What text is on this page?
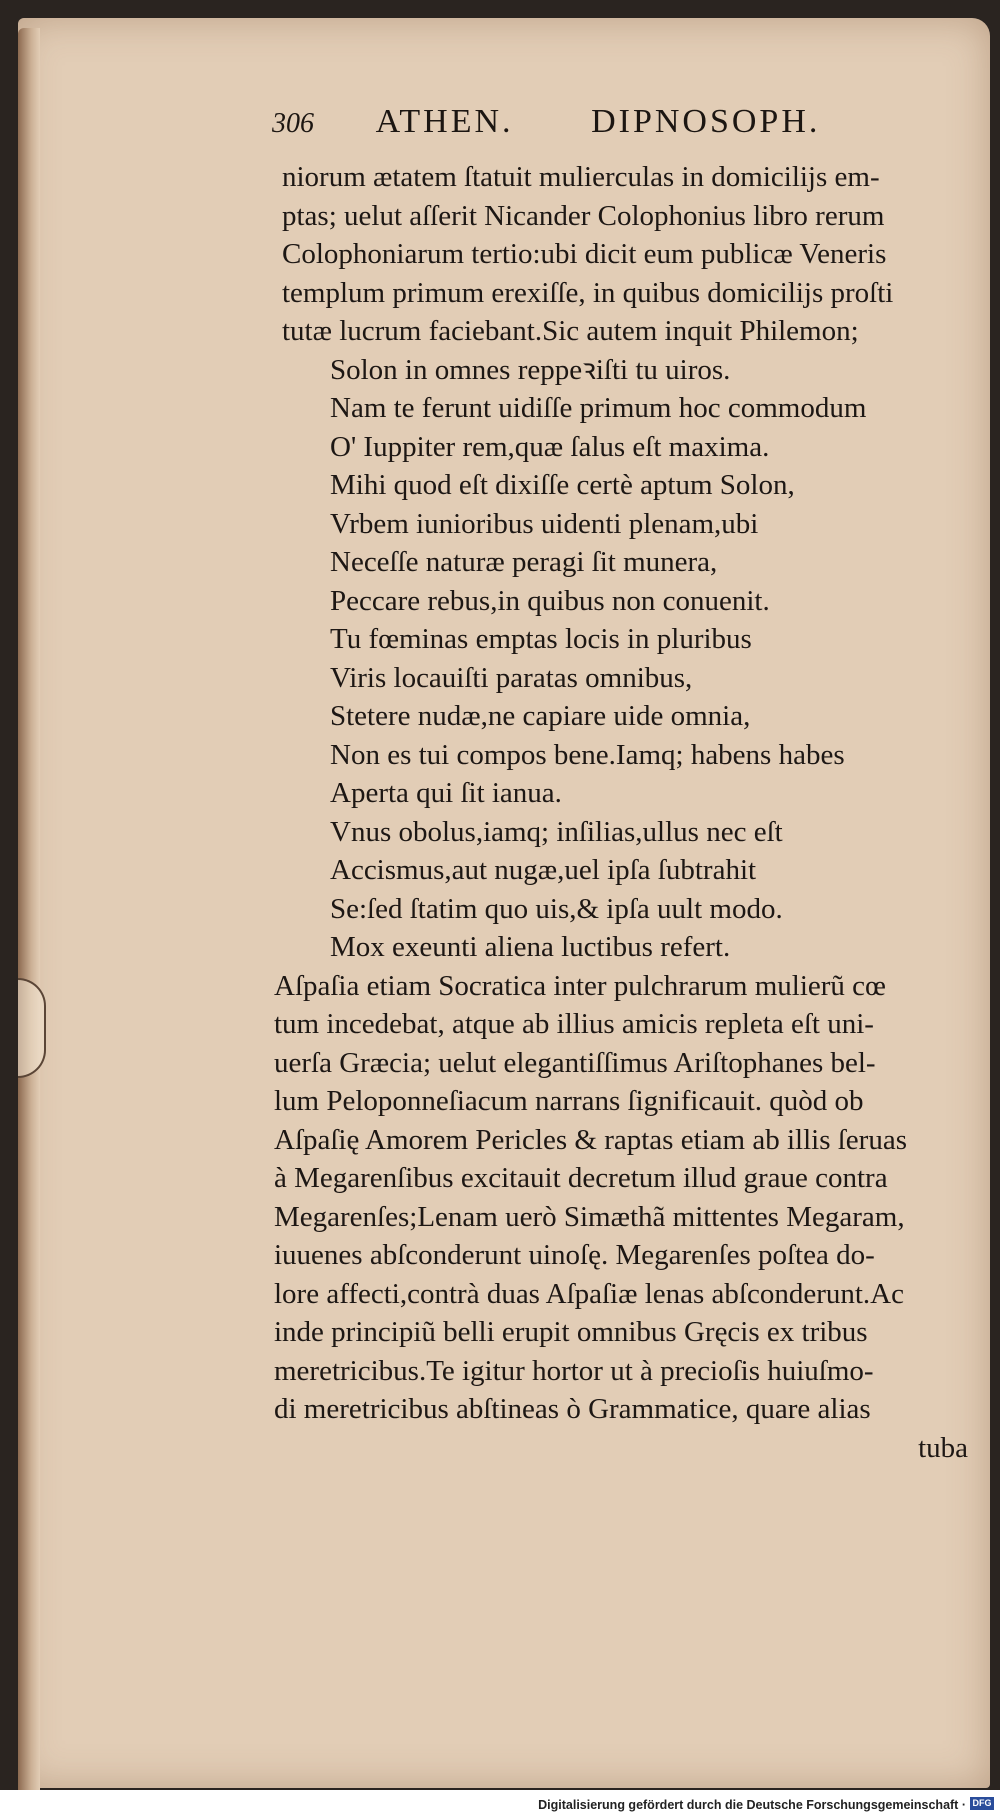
306 ATHEN. DIPNOSOPH.
niorum ætatem ſtatuit mulierculas in domicilijs em-
ptas; uelut aſſerit Nicander Colophonius libro rerum
Colophoniarum tertio:ubi dicit eum publicæ Veneris
templum primum erexiſſe, in quibus domicilijs proſti
tutæ lucrum faciebant.Sic autem inquit Philemon;
Solon in omnes reppeꝛiſti tu uiros.
Nam te ferunt uidiſſe primum hoc commodum
O' Iuppiter rem,quæ ſalus eſt maxima.
Mihi quod eſt dixiſſe certè aptum Solon,
Vrbem iunioribus uidenti plenam,ubi
Neceſſe naturæ peragi ſit munera,
Peccare rebus,in quibus non conuenit.
Tu fœminas emptas locis in pluribus
Viris locauiſti paratas omnibus,
Stetere nudæ,ne capiare uide omnia,
Non es tui compos bene.Iamq; habens habes
Aperta qui ſit ianua.
Vnus obolus,iamq; inſilias,ullus nec eſt
Accismus,aut nugæ,uel ipſa ſubtrahit
Se:ſed ſtatim quo uis,& ipſa uult modo.
Mox exeunti aliena luctibus refert.
Aſpaſia etiam Socratica inter pulchrarum mulierũ cœ
tum incedebat, atque ab illius amicis repleta eſt uni-
uerſa Græcia; uelut elegantiſſimus Ariſtophanes bel-
lum Peloponneſiacum narrans ſignificauit. quòd ob
Aſpaſię Amorem Pericles & raptas etiam ab illis ſeruas
à Megarenſibus excitauit decretum illud graue contra
Megarenſes;Lenam uerò Simæthã mittentes Megaram,
iuuenes abſconderunt uinoſę. Megarenſes poſtea do-
lore affecti,contrà duas Aſpaſiæ lenas abſconderunt.Ac
inde principiũ belli erupit omnibus Gręcis ex tribus
meretricibus.Te igitur hortor ut à precioſis huiuſmo-
di meretricibus abſtineas ò Grammatice, quare alias
tuba
Digitalisierung gefördert durch die Deutsche Forschungsgemeinschaft · DFG
